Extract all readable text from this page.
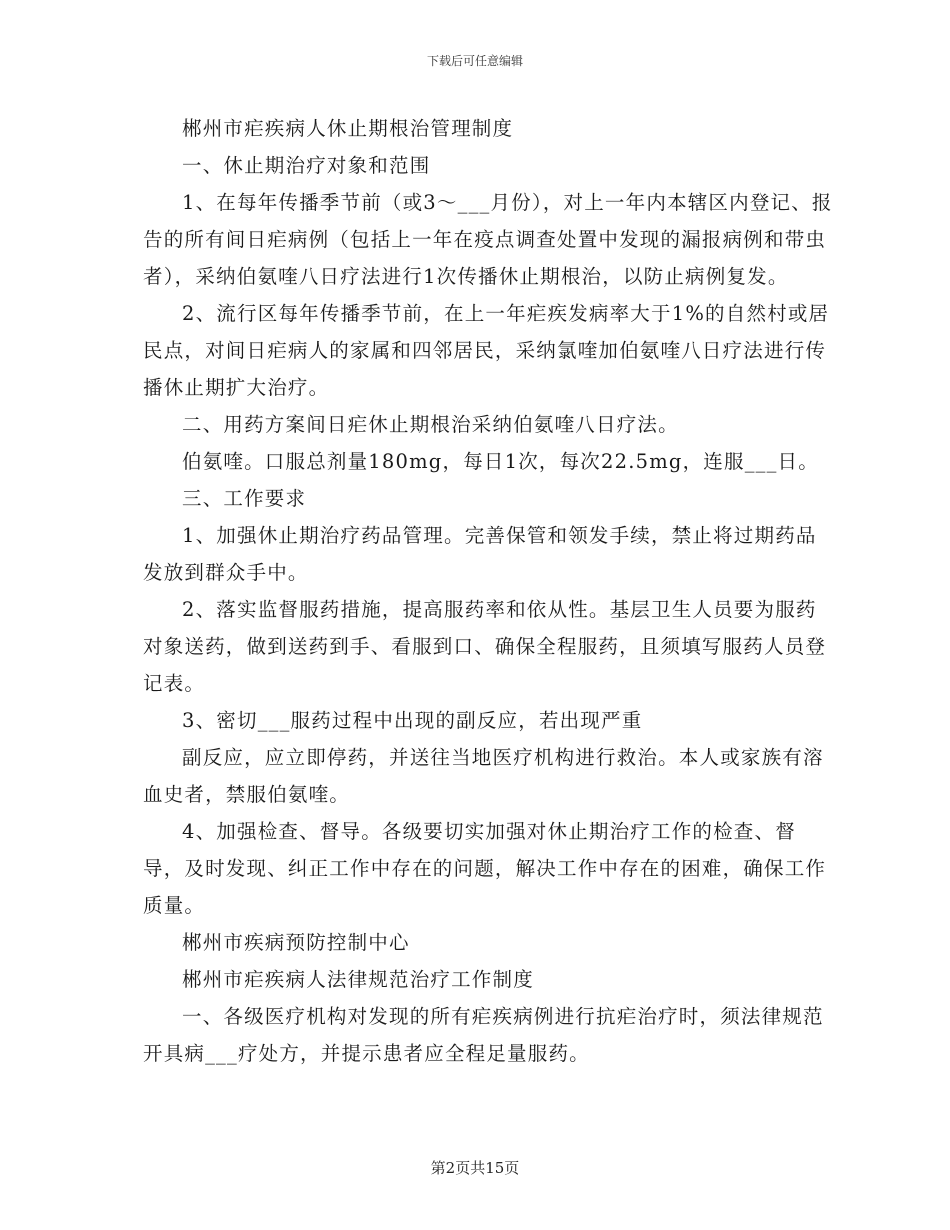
下载后可任意编辑

郴州市疟疾病人休止期根治管理制度

一、休止期治疗对象和范围

1、在每年传播季节前（或3～___月份），对上一年内本辖区内登记、报告的所有间日疟病例（包括上一年在疫点调查处置中发现的漏报病例和带虫者），采纳伯氨喹八日疗法进行1次传播休止期根治，以防止病例复发。

2、流行区每年传播季节前，在上一年疟疾发病率大于1%的自然村或居民点，对间日疟病人的家属和四邻居民，采纳氯喹加伯氨喹八日疗法进行传播休止期扩大治疗。

二、用药方案间日疟休止期根治采纳伯氨喹八日疗法。

伯氨喹。口服总剂量180mg，每日1次，每次22.5mg，连服___日。

三、工作要求

1、加强休止期治疗药品管理。完善保管和领发手续，禁止将过期药品发放到群众手中。

2、落实监督服药措施，提高服药率和依从性。基层卫生人员要为服药对象送药，做到送药到手、看服到口、确保全程服药，且须填写服药人员登记表。

3、密切___服药过程中出现的副反应，若出现严重

副反应，应立即停药，并送往当地医疗机构进行救治。本人或家族有溶血史者，禁服伯氨喹。

4、加强检查、督导。各级要切实加强对休止期治疗工作的检查、督导，及时发现、纠正工作中存在的问题，解决工作中存在的困难，确保工作质量。

郴州市疾病预防控制中心

郴州市疟疾病人法律规范治疗工作制度

一、各级医疗机构对发现的所有疟疾病例进行抗疟治疗时，须法律规范开具病___疗处方，并提示患者应全程足量服药。

第2页共15页
